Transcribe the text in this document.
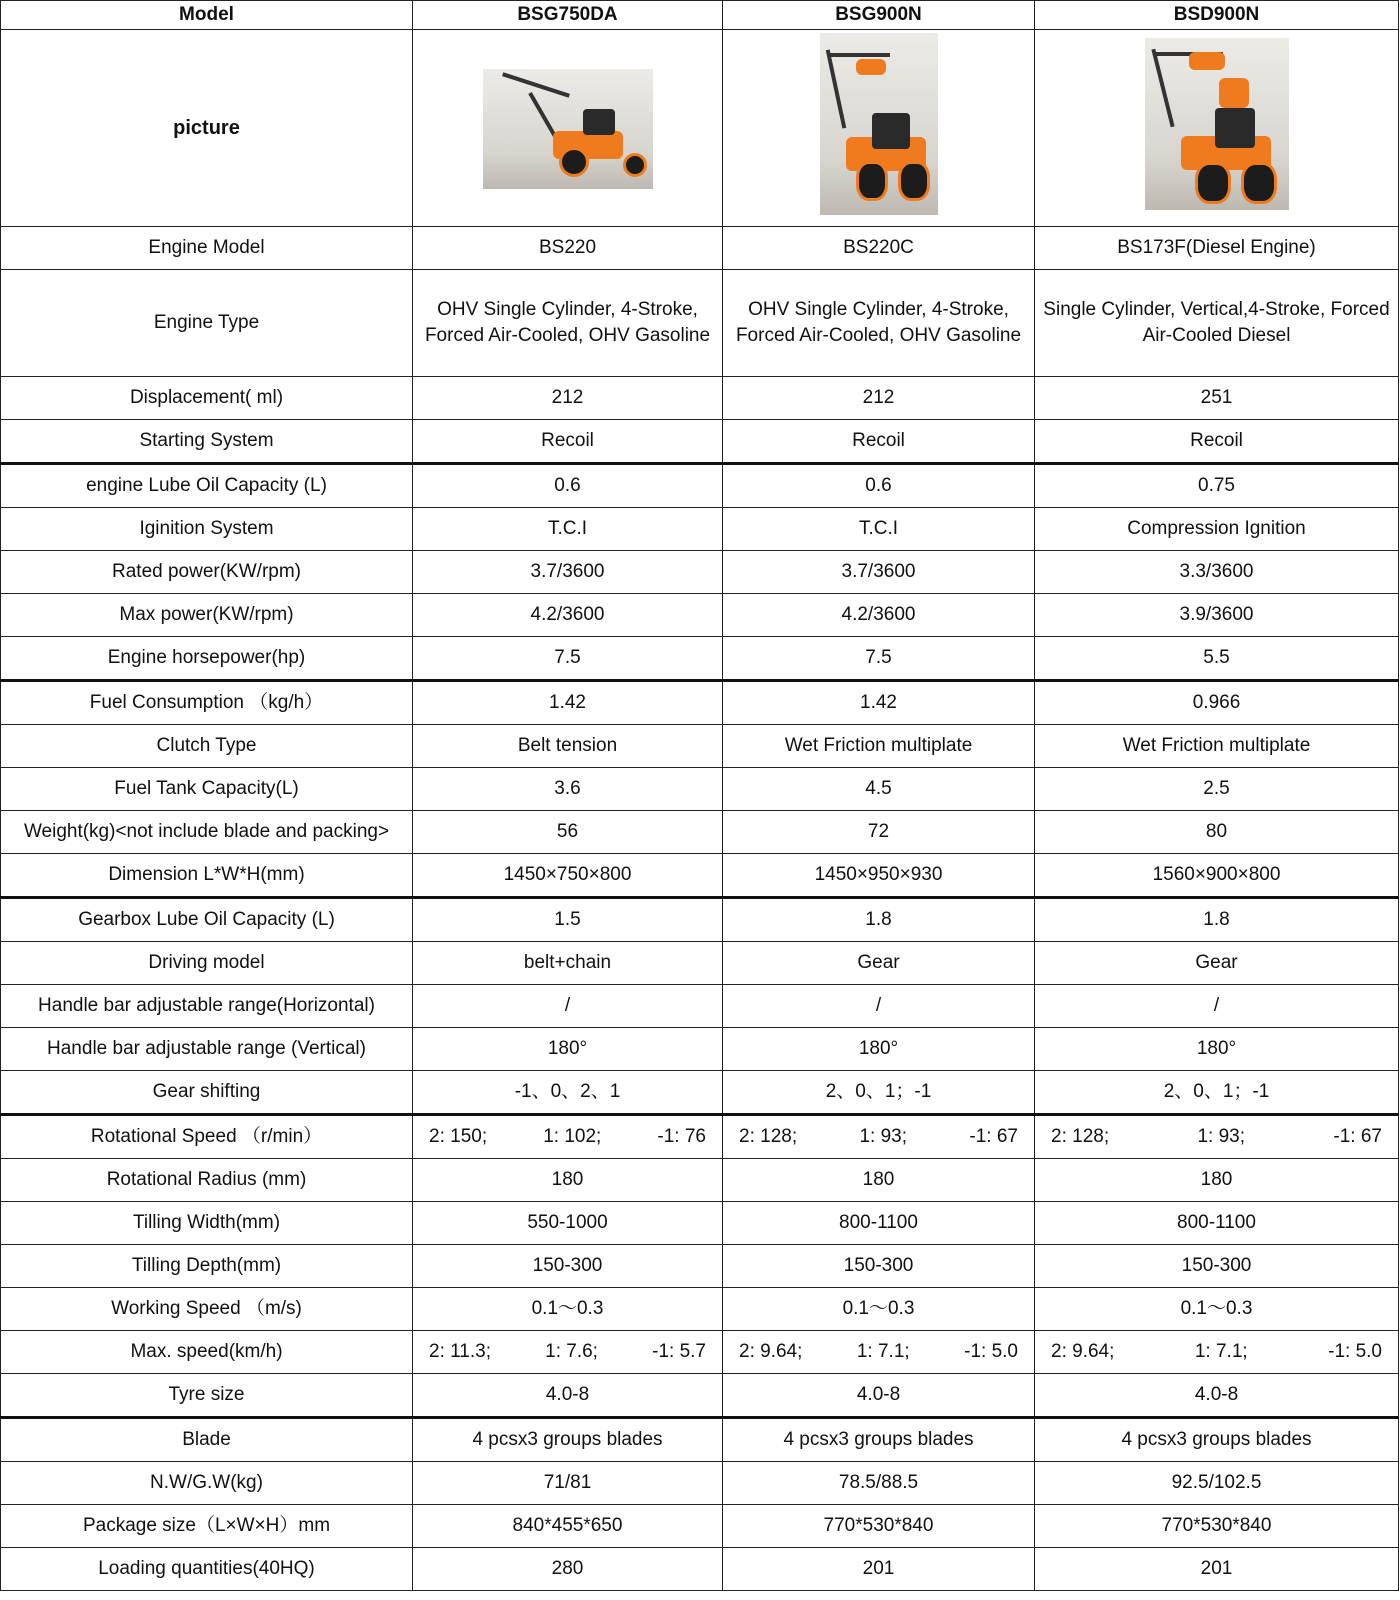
Model	BSG750DA	BSG900N	BSD900N
picture	

Engine Model	BS220	BS220C	BS173F(Diesel Engine)
Engine Type	OHV Single Cylinder, 4-Stroke, Forced Air-Cooled, OHV Gasoline	OHV Single Cylinder, 4-Stroke, Forced Air-Cooled, OHV Gasoline	Single Cylinder, Vertical,4-Stroke, Forced Air-Cooled Diesel
Displacement( ml)	212	212	251
Starting System	Recoil	Recoil	Recoil
engine Lube Oil Capacity (L)	0.6	0.6	0.75
Iginition System	T.C.I	T.C.I	Compression Ignition
Rated power(KW/rpm)	3.7/3600	3.7/3600	3.3/3600
Max power(KW/rpm)	4.2/3600	4.2/3600	3.9/3600
Engine horsepower(hp)	7.5	7.5	5.5
Fuel Consumption （kg/h）	1.42	1.42	0.966
Clutch Type	Belt tension	Wet Friction multiplate	Wet Friction multiplate
Fuel Tank Capacity(L)	3.6	4.5	2.5
Weight(kg)<not include blade and packing>	56	72	80
Dimension L*W*H(mm)	1450×750×800	1450×950×930	1560×900×800
Gearbox Lube Oil Capacity (L)	1.5	1.8	1.8
Driving model	belt+chain	Gear	Gear
Handle bar adjustable range(Horizontal)	/	/	/
Handle bar adjustable range (Vertical)	180°	180°	180°
Gear shifting	-1、0、2、1	2、0、1；-1	2、0、1；-1
Rotational Speed （r/min）	2: 150; 1: 102; -1: 76	2: 128; 1: 93; -1: 67	2: 128; 1: 93; -1: 67

Rotational Radius (mm)	180	180	180
Tilling Width(mm)	550-1000	800-1100	800-1100
Tilling Depth(mm)	150-300	150-300	150-300
Working Speed （m/s)	0.1～0.3	0.1～0.3	0.1～0.3
Max. speed(km/h)	2: 11.3; 1: 7.6; -1: 5.7	2: 9.64; 1: 7.1; -1: 5.0	2: 9.64; 1: 7.1; -1: 5.0

Tyre size	4.0-8	4.0-8	4.0-8
Blade	4 pcsx3 groups blades	4 pcsx3 groups blades	4 pcsx3 groups blades
N.W/G.W(kg)	71/81	78.5/88.5	92.5/102.5
Package size（L×W×H）mm	840*455*650	770*530*840	770*530*840
Loading quantities(40HQ)	280	201	201
